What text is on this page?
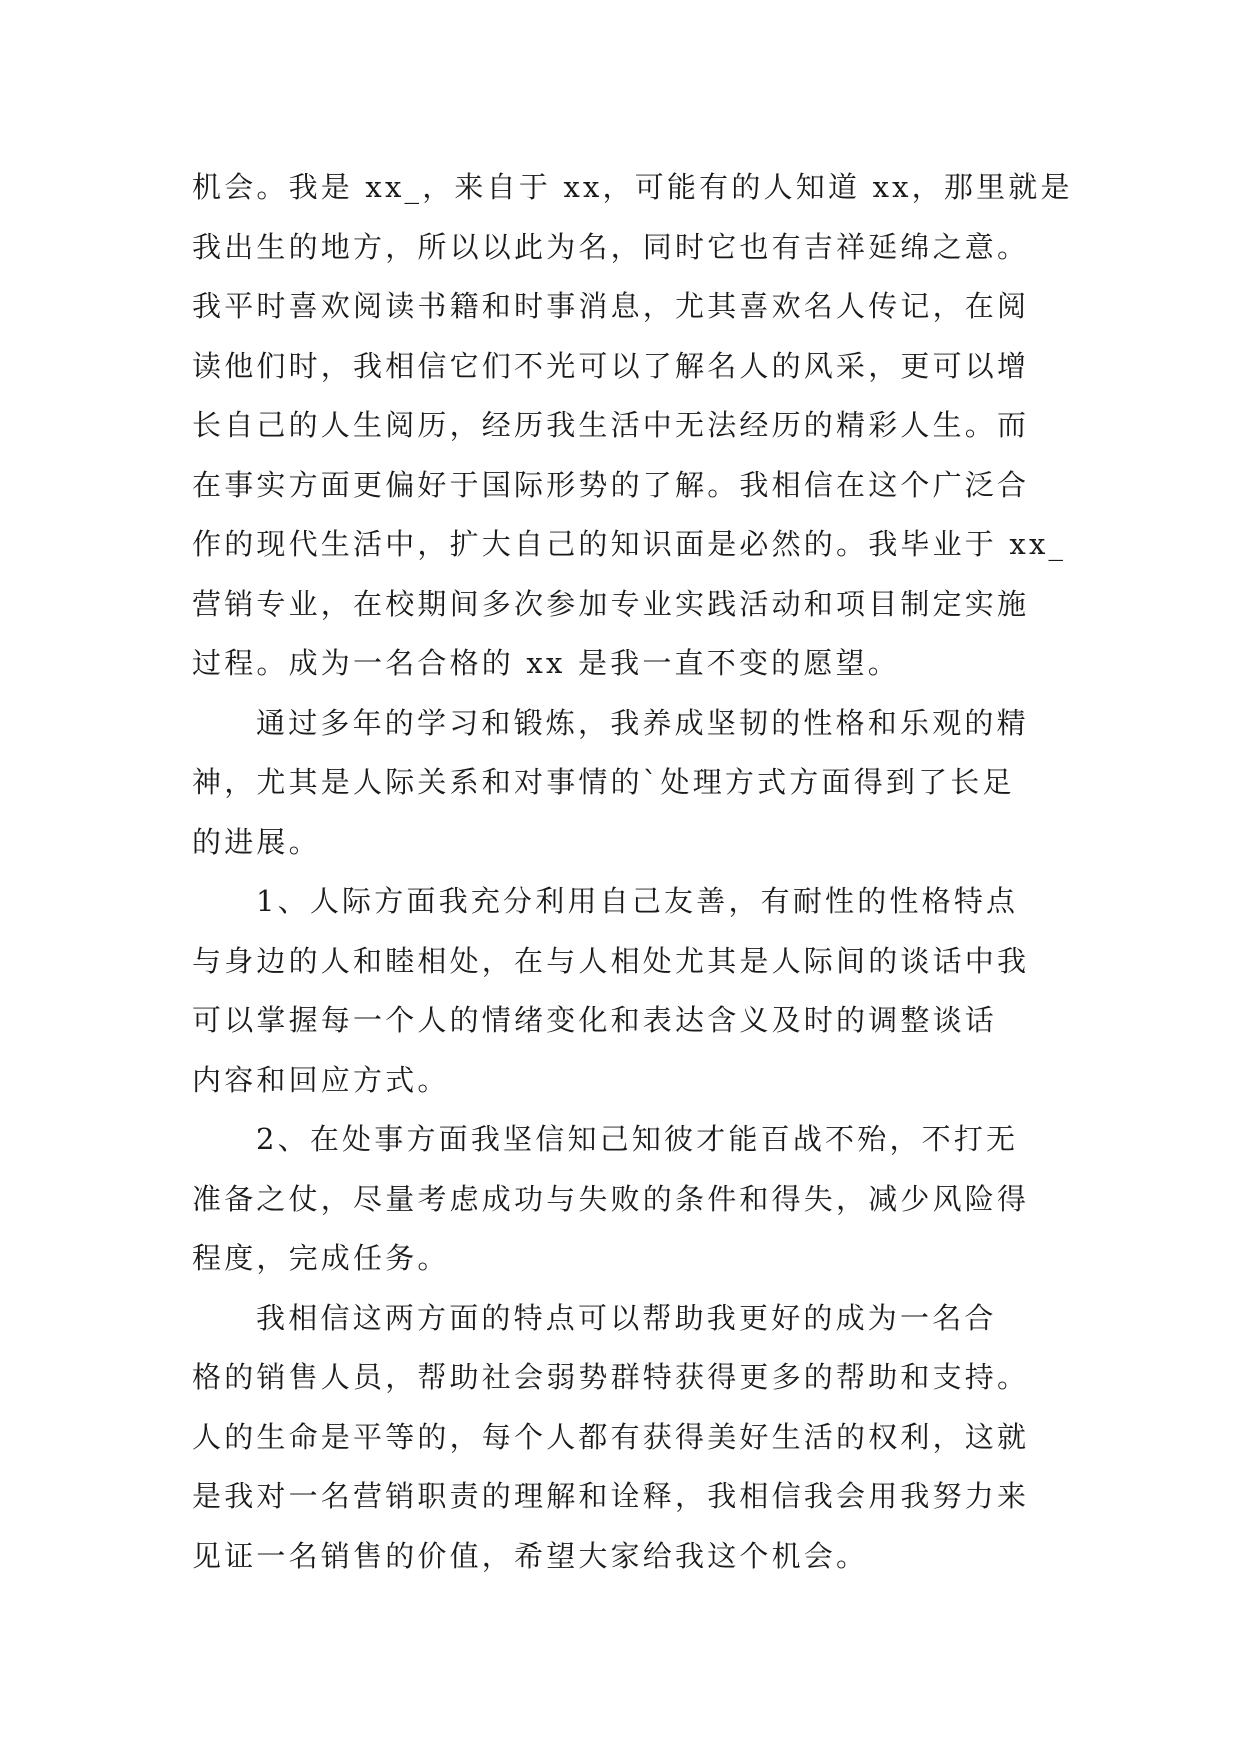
机会。我是 xx_，来自于 xx，可能有的人知道 xx，那里就是
我出生的地方，所以以此为名，同时它也有吉祥延绵之意。
我平时喜欢阅读书籍和时事消息，尤其喜欢名人传记，在阅
读他们时，我相信它们不光可以了解名人的风采，更可以增
长自己的人生阅历，经历我生活中无法经历的精彩人生。而
在事实方面更偏好于国际形势的了解。我相信在这个广泛合
作的现代生活中，扩大自己的知识面是必然的。我毕业于 xx_
营销专业，在校期间多次参加专业实践活动和项目制定实施
过程。成为一名合格的 xx 是我一直不变的愿望。
通过多年的学习和锻炼，我养成坚韧的性格和乐观的精
神，尤其是人际关系和对事情的`处理方式方面得到了长足
的进展。
1、人际方面我充分利用自己友善，有耐性的性格特点
与身边的人和睦相处，在与人相处尤其是人际间的谈话中我
可以掌握每一个人的情绪变化和表达含义及时的调整谈话
内容和回应方式。
2、在处事方面我坚信知己知彼才能百战不殆，不打无
准备之仗，尽量考虑成功与失败的条件和得失，减少风险得
程度，完成任务。
我相信这两方面的特点可以帮助我更好的成为一名合
格的销售人员，帮助社会弱势群特获得更多的帮助和支持。
人的生命是平等的，每个人都有获得美好生活的权利，这就
是我对一名营销职责的理解和诠释，我相信我会用我努力来
见证一名销售的价值，希望大家给我这个机会。
